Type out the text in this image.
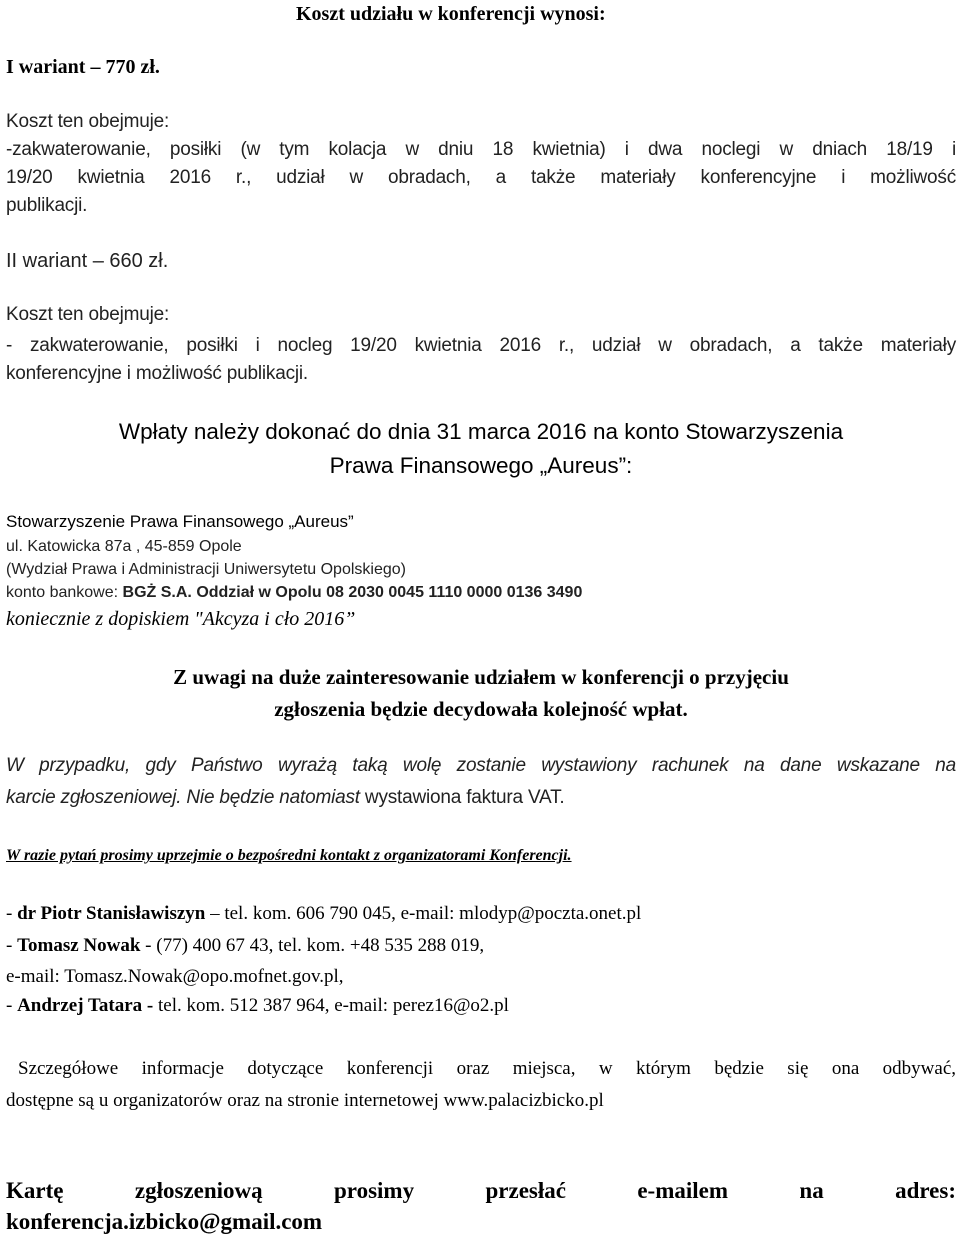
Koszt udziału w konferencji wynosi:

I wariant – 770 zł.

Koszt ten obejmuje:

-zakwaterowanie, posiłki (w tym kolacja w dniu 18 kwietnia) i dwa noclegi w dniach 18/19 i

19/20 kwietnia 2016 r., udział w obradach, a także materiały konferencyjne i możliwość

publikacji.

II wariant – 660 zł.

Koszt ten obejmuje:

- zakwaterowanie, posiłki i nocleg 19/20 kwietnia 2016 r., udział w obradach, a także materiały

konferencyjne i możliwość publikacji.

Wpłaty należy dokonać do dnia 31 marca 2016 na konto Stowarzyszenia

Prawa Finansowego „Aureus”:

Stowarzyszenie Prawa Finansowego „Aureus”

ul. Katowicka 87a , 45-859 Opole

(Wydział Prawa i Administracji Uniwersytetu Opolskiego)

konto bankowe: BGŻ S.A. Oddział w Opolu 08 2030 0045 1110 0000 0136 3490

koniecznie z dopiskiem "Akcyza i cło 2016”

Z uwagi na duże zainteresowanie udziałem w konferencji o przyjęciu

zgłoszenia będzie decydowała kolejność wpłat.

W przypadku, gdy Państwo wyrażą taką wolę zostanie wystawiony rachunek na dane wskazane na

karcie zgłoszeniowej. Nie będzie natomiast wystawiona faktura VAT.

W razie pytań prosimy uprzejmie o bezpośredni kontakt z organizatorami Konferencji.

- dr Piotr Stanisławiszyn – tel. kom. 606 790 045, e-mail: mlodyp@poczta.onet.pl

- Tomasz Nowak - (77) 400 67 43, tel. kom. +48 535 288 019,

e-mail: Tomasz.Nowak@opo.mofnet.gov.pl,

- Andrzej Tatara - tel. kom. 512 387 964, e-mail: perez16@o2.pl

Szczegółowe informacje dotyczące konferencji oraz miejsca, w którym będzie się ona odbywać,

dostępne są u organizatorów oraz na stronie internetowej www.palacizbicko.pl

Kartę zgłoszeniową prosimy przesłać e-mailem na adres:

konferencja.izbicko@gmail.com
